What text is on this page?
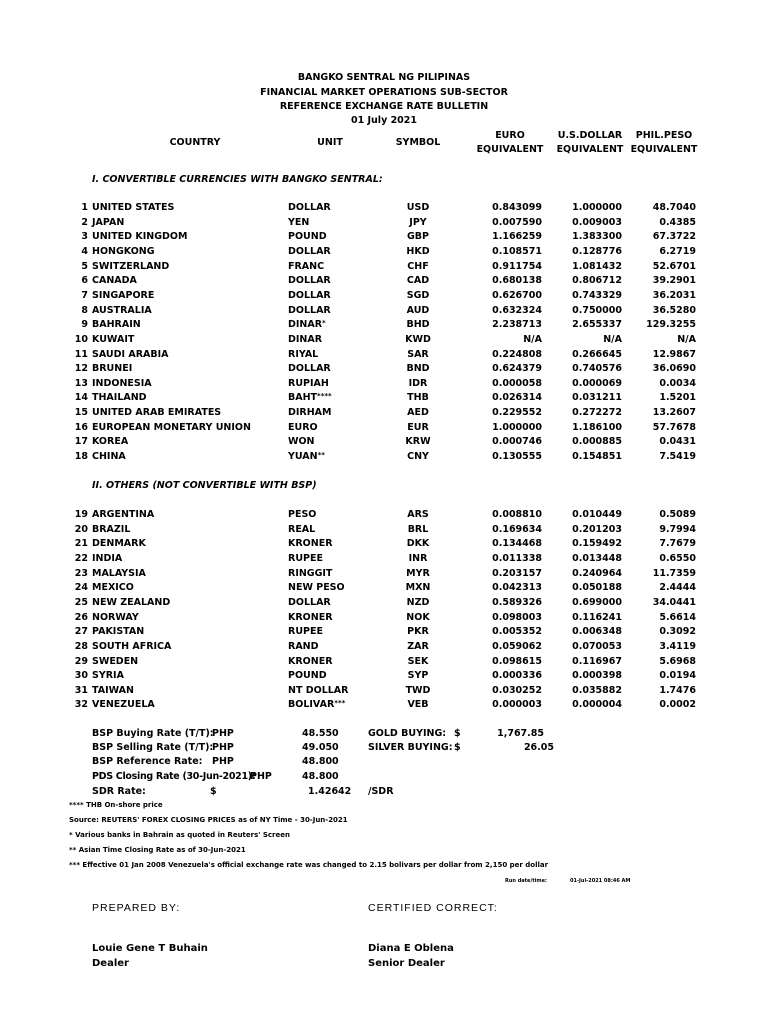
BANGKO SENTRAL NG PILIPINAS
FINANCIAL MARKET OPERATIONS SUB-SECTOR
REFERENCE EXCHANGE RATE BULLETIN
01 July 2021
COUNTRY	UNIT	SYMBOL
EURO
EQUIVALENT
U.S.DOLLAR
EQUIVALENT
PHIL.PESO
EQUIVALENT
I. CONVERTIBLE CURRENCIES WITH BANGKO SENTRAL:
1 UNITED STATES	DOLLAR	USD	0.843099	1.000000	48.7040
2 JAPAN	YEN	JPY	0.007590	0.009003	0.4385
3 UNITED KINGDOM	POUND	GBP	1.166259	1.383300	67.3722
4 HONGKONG	DOLLAR	HKD	0.108571	0.128776	6.2719
5 SWITZERLAND	FRANC	CHF	0.911754	1.081432	52.6701
6 CANADA	DOLLAR	CAD	0.680138	0.806712	39.2901
7 SINGAPORE	DOLLAR	SGD	0.626700	0.743329	36.2031
8 AUSTRALIA	DOLLAR	AUD	0.632324	0.750000	36.5280
9 BAHRAIN	DINAR*	BHD	2.238713	2.655337	129.3255
10 KUWAIT	DINAR	KWD	N/A	N/A	N/A
11 SAUDI ARABIA	RIYAL	SAR	0.224808	0.266645	12.9867
12 BRUNEI	DOLLAR	BND	0.624379	0.740576	36.0690
13 INDONESIA	RUPIAH	IDR	0.000058	0.000069	0.0034
14 THAILAND	BAHT****	THB	0.026314	0.031211	1.5201
15 UNITED ARAB EMIRATES	DIRHAM	AED	0.229552	0.272272	13.2607
16 EUROPEAN MONETARY UNION	EURO	EUR	1.000000	1.186100	57.7678
17 KOREA	WON	KRW	0.000746	0.000885	0.0431
18 CHINA	YUAN**	CNY	0.130555	0.154851	7.5419
II. OTHERS (NOT CONVERTIBLE WITH BSP)
19 ARGENTINA	PESO	ARS	0.008810	0.010449	0.5089
20 BRAZIL	REAL	BRL	0.169634	0.201203	9.7994
21 DENMARK	KRONER	DKK	0.134468	0.159492	7.7679
22 INDIA	RUPEE	INR	0.011338	0.013448	0.6550
23 MALAYSIA	RINGGIT	MYR	0.203157	0.240964	11.7359
24 MEXICO	NEW PESO	MXN	0.042313	0.050188	2.4444
25 NEW ZEALAND	DOLLAR	NZD	0.589326	0.699000	34.0441
26 NORWAY	KRONER	NOK	0.098003	0.116241	5.6614
27 PAKISTAN	RUPEE	PKR	0.005352	0.006348	0.3092
28 SOUTH AFRICA	RAND	ZAR	0.059062	0.070053	3.4119
29 SWEDEN	KRONER	SEK	0.098615	0.116967	5.6968
30 SYRIA	POUND	SYP	0.000336	0.000398	0.0194
31 TAIWAN	NT DOLLAR	TWD	0.030252	0.035882	1.7476
32 VENEZUELA	BOLIVAR***	VEB	0.000003	0.000004	0.0002
BSP Buying Rate (T/T):
PHP	48.550
BSP Selling Rate (T/T):
PHP	49.050
BSP Reference Rate: PHP	48.800
PDS Closing Rate (30-Jun-2021):
PHP	48.800
SDR Rate:	$	1.42642 /SDR
GOLD BUYING: $	1,767.85
SILVER BUYING: $	26.05
**** THB On-shore price
Source: REUTERS' FOREX CLOSING PRICES as of NY Time - 30-Jun-2021
* Various banks in Bahrain as quoted in Reuters' Screen
** Asian Time Closing Rate as of 30-Jun-2021
*** Effective 01 Jan 2008 Venezuela's official exchange rate was changed to 2.15 bolivars per dollar from 2,150 per dollar
Run date/time:	01-Jul-2021 08:46 AM
PREPARED BY:	CERTIFIED CORRECT:
Louie Gene T Buhain
Dealer
Diana E Oblena
Senior Dealer
